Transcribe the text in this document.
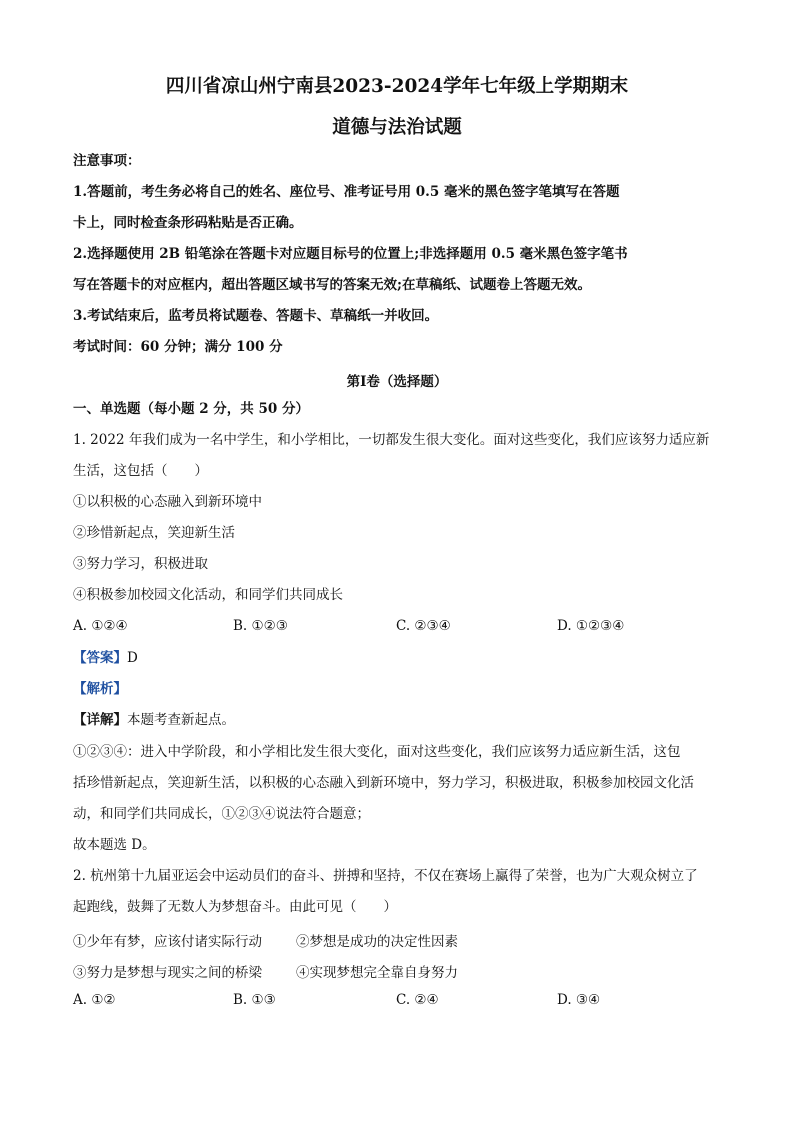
四川省凉山州宁南县2023-2024学年七年级上学期期末
道德与法治试题
注意事项：
1.答题前，考生务必将自己的姓名、座位号、准考证号用 0.5 毫米的黑色签字笔填写在答题
卡上，同时检查条形码粘贴是否正确。
2.选择题使用 2B 铅笔涂在答题卡对应题目标号的位置上;非选择题用 0.5 毫米黑色签字笔书
写在答题卡的对应框内，超出答题区域书写的答案无效;在草稿纸、试题卷上答题无效。
3.考试结束后，监考员将试题卷、答题卡、草稿纸一并收回。
考试时间：60 分钟；满分 100 分
第Ⅰ卷（选择题）
一、单选题（每小题 2 分，共 50 分）
1. 2022 年我们成为一名中学生，和小学相比，一切都发生很大变化。面对这些变化，我们应该努力适应新
生活，这包括（　　）
①以积极的心态融入到新环境中
②珍惜新起点，笑迎新生活
③努力学习，积极进取
④积极参加校园文化活动，和同学们共同成长
A. ①②④	B. ①②③	C. ②③④	D. ①②③④
【答案】D
【解析】
【详解】本题考查新起点。
①②③④：进入中学阶段，和小学相比发生很大变化，面对这些变化，我们应该努力适应新生活，这包
括珍惜新起点，笑迎新生活，以积极的心态融入到新环境中，努力学习，积极进取，积极参加校园文化活
动，和同学们共同成长，①②③④说法符合题意；
故本题选 D。
2. 杭州第十九届亚运会中运动员们的奋斗、拼搏和坚持，不仅在赛场上赢得了荣誉，也为广大观众树立了
起跑线，鼓舞了无数人为梦想奋斗。由此可见（　　）
①少年有梦，应该付诸实际行动	②梦想是成功的决定性因素
③努力是梦想与现实之间的桥梁	④实现梦想完全靠自身努力
A. ①②	B. ①③	C. ②④	D. ③④
